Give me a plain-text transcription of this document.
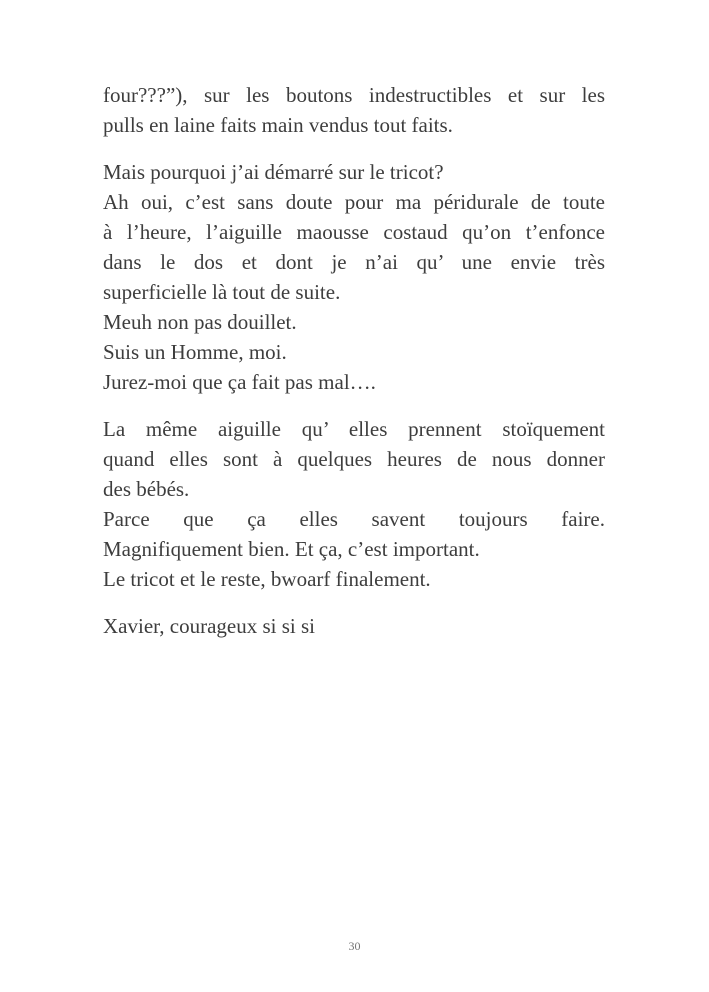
four???”), sur les boutons indestructibles et sur les
pulls en laine faits main vendus tout faits.
Mais pourquoi j’ai démarré sur le tricot?
Ah oui, c’est sans doute pour ma péridurale de toute
à l’heure, l’aiguille maousse costaud qu’on t’enfonce
dans le dos et dont je n’ai qu’ une envie très
superficielle là tout de suite.
Meuh non pas douillet.
Suis un Homme, moi.
Jurez-moi que ça fait pas mal….
La même aiguille qu’ elles prennent stoïquement
quand elles sont à quelques heures de nous donner
des bébés.
Parce que ça elles savent toujours faire.
Magnifiquement bien. Et ça, c’est important.
Le tricot et le reste, bwoarf finalement.
Xavier, courageux si si si
30
